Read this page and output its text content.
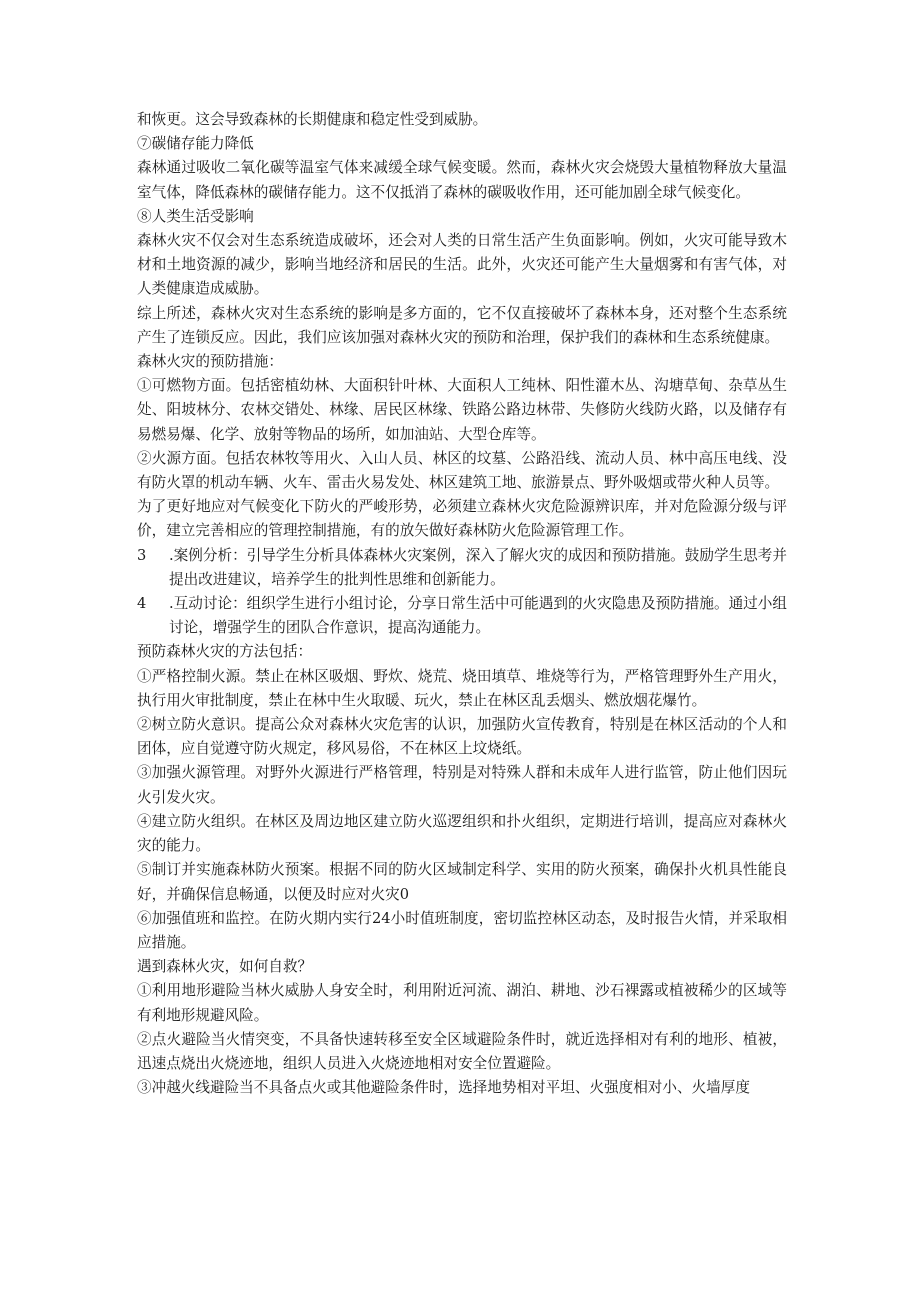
和恢更。这会导致森林的长期健康和稳定性受到威胁。

⑦碳储存能力降低

森林通过吸收二氧化碳等温室气体来减缓全球气候变暖。然而，森林火灾会烧毁大量植物释放大量温室气体，降低森林的碳储存能力。这不仅抵消了森林的碳吸收作用，还可能加剧全球气候变化。

⑧人类生活受影响

森林火灾不仅会对生态系统造成破坏，还会对人类的日常生活产生负面影响。例如，火灾可能导致木材和土地资源的减少，影响当地经济和居民的生活。此外，火灾还可能产生大量烟雾和有害气体，对人类健康造成威胁。

综上所述，森林火灾对生态系统的影响是多方面的，它不仅直接破坏了森林本身，还对整个生态系统产生了连锁反应。因此，我们应该加强对森林火灾的预防和治理，保护我们的森林和生态系统健康。

森林火灾的预防措施：

①可燃物方面。包括密植幼林、大面积针叶林、大面积人工纯林、阳性灌木丛、沟塘草甸、杂草丛生处、阳坡林分、农林交错处、林缘、居民区林缘、铁路公路边林带、失修防火线防火路，以及储存有易燃易爆、化学、放射等物品的场所，如加油站、大型仓库等。

②火源方面。包括农林牧等用火、入山人员、林区的坟墓、公路沿线、流动人员、林中高压电线、没有防火罩的机动车辆、火车、雷击火易发处、林区建筑工地、旅游景点、野外吸烟或带火种人员等。

为了更好地应对气候变化下防火的严峻形势，必须建立森林火灾危险源辨识库，并对危险源分级与评价，建立完善相应的管理控制措施，有的放矢做好森林防火危险源管理工作。

3 .案例分析：引导学生分析具体森林火灾案例，深入了解火灾的成因和预防措施。鼓励学生思考并提出改进建议，培养学生的批判性思维和创新能力。
4 .互动讨论：组织学生进行小组讨论，分享日常生活中可能遇到的火灾隐患及预防措施。通过小组讨论，增强学生的团队合作意识，提高沟通能力。

预防森林火灾的方法包括：

①严格控制火源。禁止在林区吸烟、野炊、烧荒、烧田填草、堆烧等行为，严格管理野外生产用火，执行用火审批制度，禁止在林中生火取暖、玩火，禁止在林区乱丢烟头、燃放烟花爆竹。

②树立防火意识。提高公众对森林火灾危害的认识，加强防火宣传教育，特别是在林区活动的个人和团体，应自觉遵守防火规定，移风易俗，不在林区上坟烧纸。

③加强火源管理。对野外火源进行严格管理，特别是对特殊人群和未成年人进行监管，防止他们因玩火引发火灾。

④建立防火组织。在林区及周边地区建立防火巡逻组织和扑火组织，定期进行培训，提高应对森林火灾的能力。

⑤制订并实施森林防火预案。根据不同的防火区域制定科学、实用的防火预案，确保扑火机具性能良好，并确保信息畅通，以便及时应对火灾0

⑥加强值班和监控。在防火期内实行24小时值班制度，密切监控林区动态，及时报告火情，并采取相应措施。

遇到森林火灾，如何自救？

①利用地形避险当林火威胁人身安全时，利用附近河流、湖泊、耕地、沙石裸露或植被稀少的区域等有利地形规避风险。

②点火避险当火情突变，不具备快速转移至安全区域避险条件时，就近选择相对有利的地形、植被，迅速点烧出火烧迹地，组织人员进入火烧迹地相对安全位置避险。

③冲越火线避险当不具备点火或其他避险条件时，选择地势相对平坦、火强度相对小、火墙厚度
